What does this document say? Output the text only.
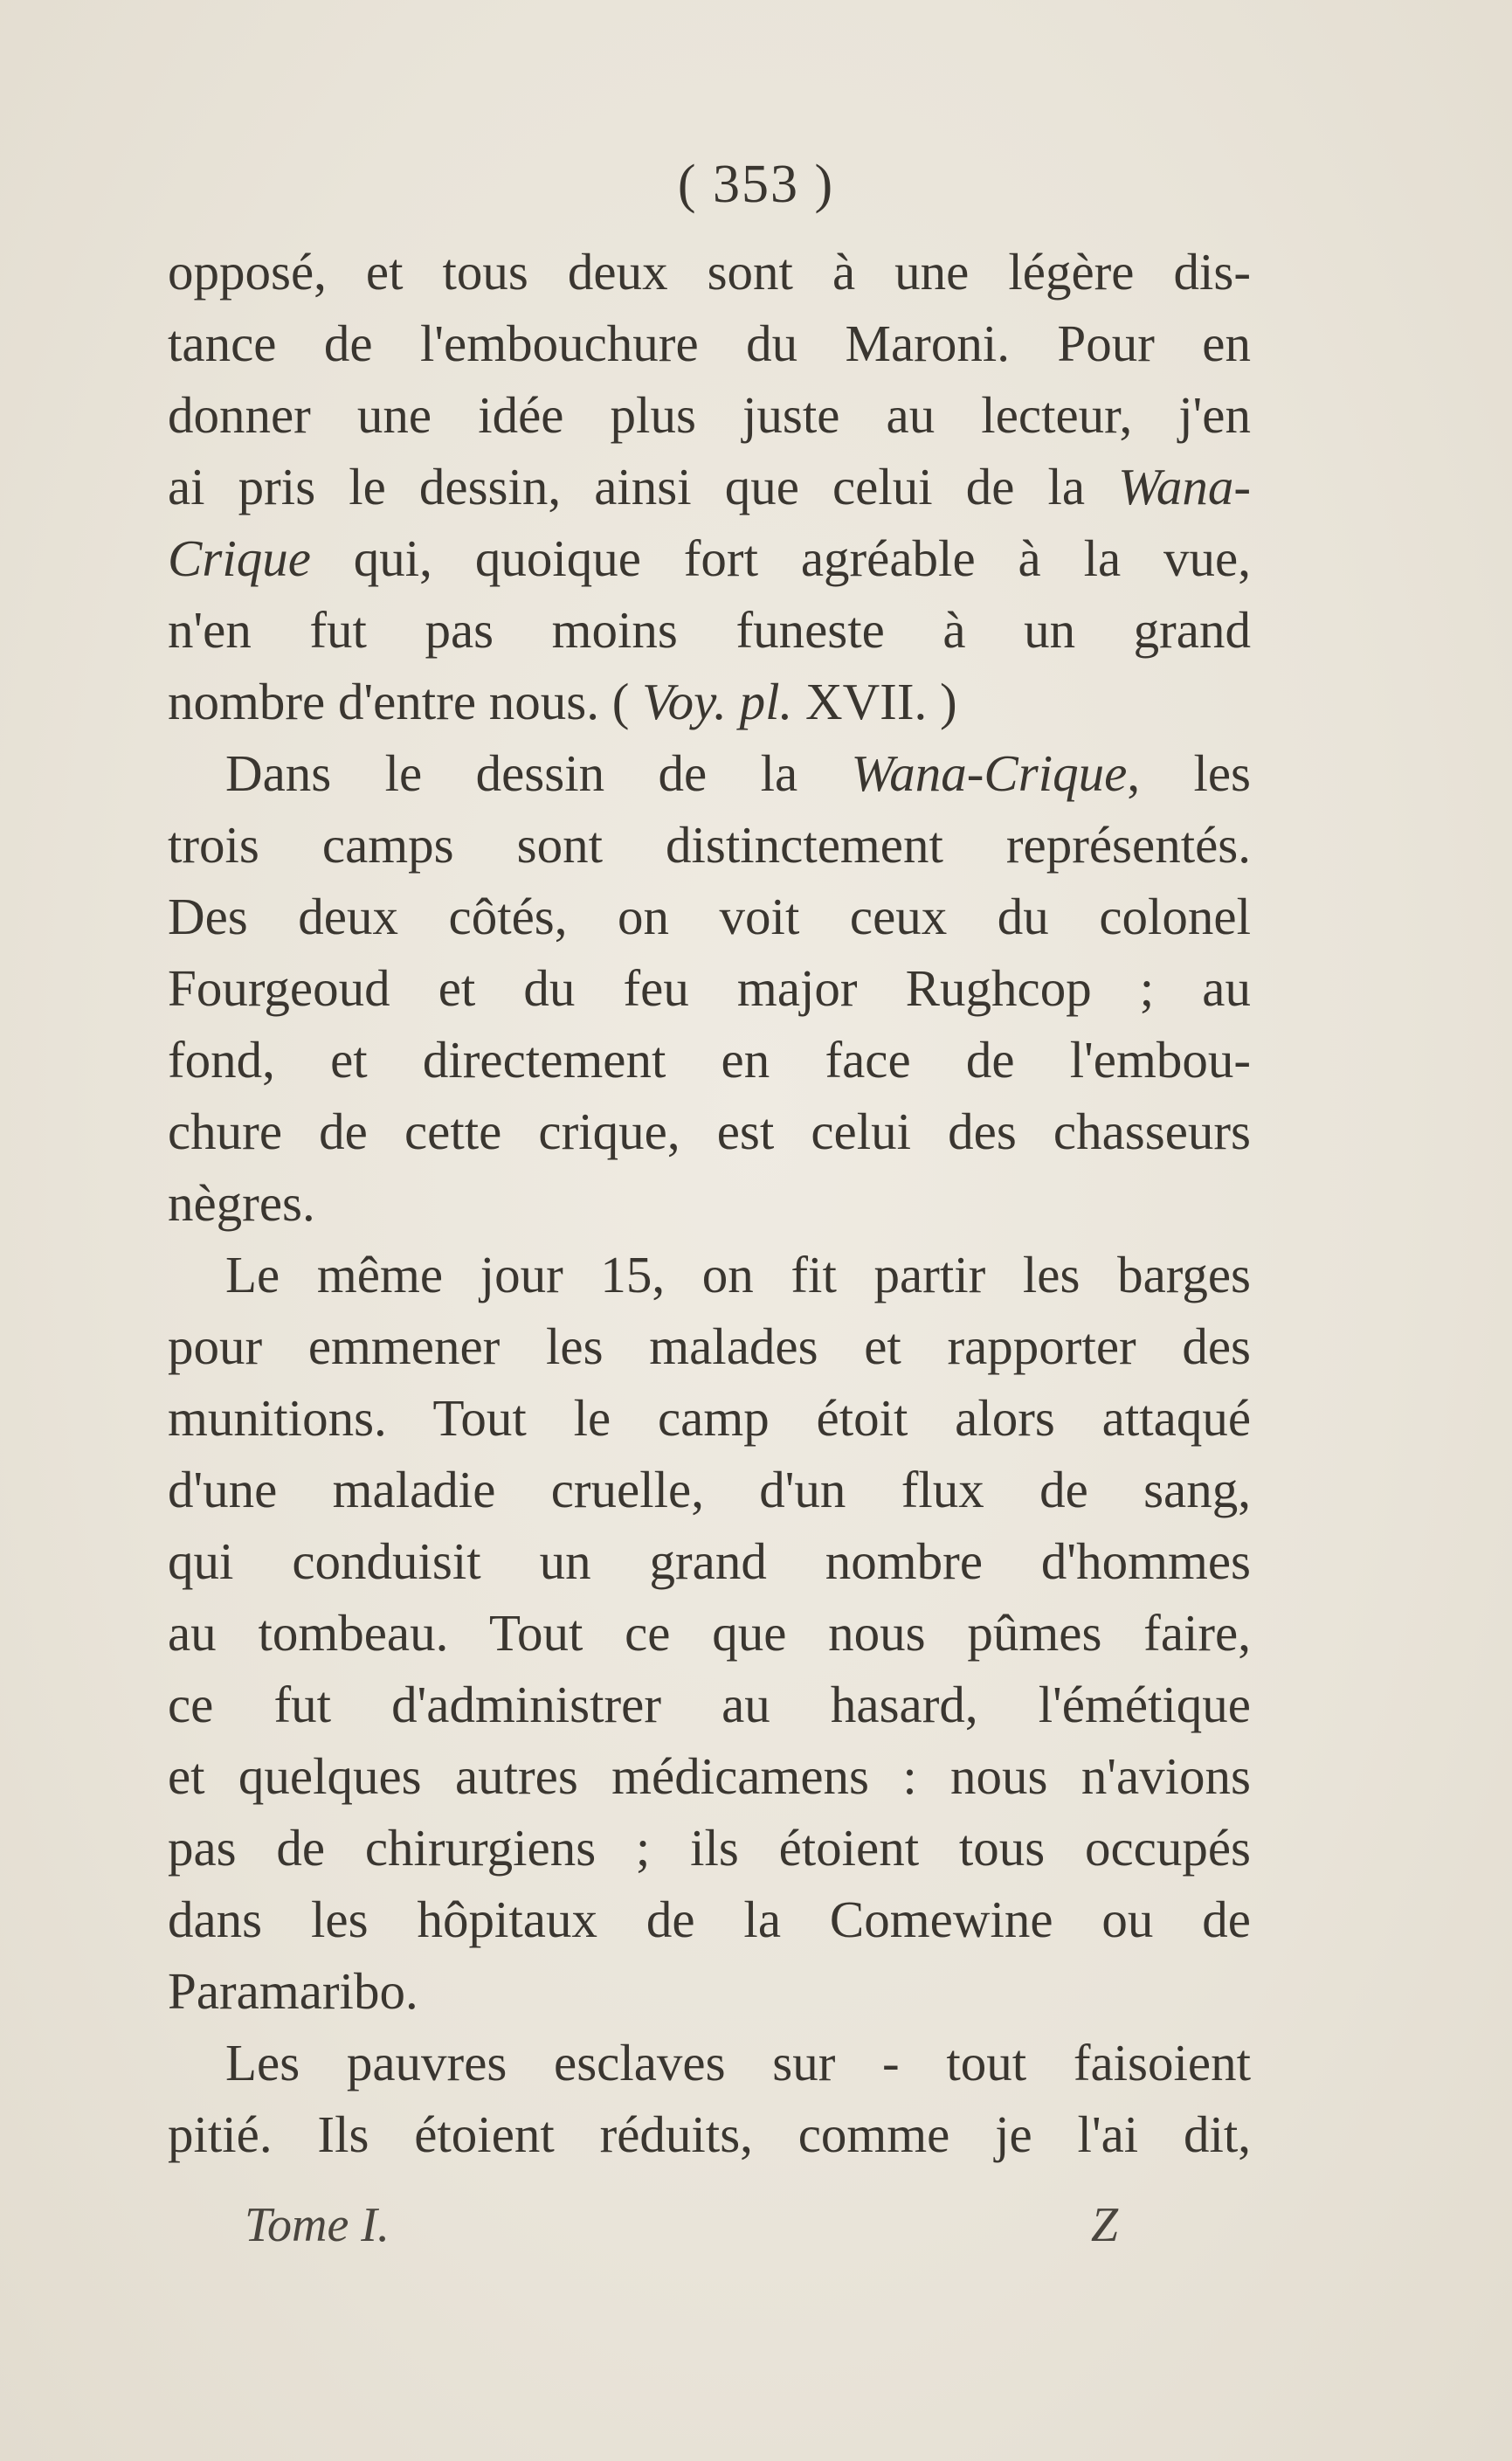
( 353 )
opposé, et tous deux sont à une légère dis-
tance de l'embouchure du Maroni. Pour en
donner une idée plus juste au lecteur, j'en
ai pris le dessin, ainsi que celui de la Wana-
Crique qui, quoique fort agréable à la vue,
n'en fut pas moins funeste à un grand
nombre d'entre nous. ( Voy. pl. XVII. )
Dans le dessin de la Wana-Crique, les
trois camps sont distinctement représentés.
Des deux côtés, on voit ceux du colonel
Fourgeoud et du feu major Rughcop ; au
fond, et directement en face de l'embou-
chure de cette crique, est celui des chasseurs
nègres.
Le même jour 15, on fit partir les barges
pour emmener les malades et rapporter des
munitions. Tout le camp étoit alors attaqué
d'une maladie cruelle, d'un flux de sang,
qui conduisit un grand nombre d'hommes
au tombeau. Tout ce que nous pûmes faire,
ce fut d'administrer au hasard, l'émétique
et quelques autres médicamens : nous n'avions
pas de chirurgiens ; ils étoient tous occupés
dans les hôpitaux de la Comewine ou de
Paramaribo.
Les pauvres esclaves sur - tout faisoient
pitié. Ils étoient réduits, comme je l'ai dit,
Tome I.	Z
